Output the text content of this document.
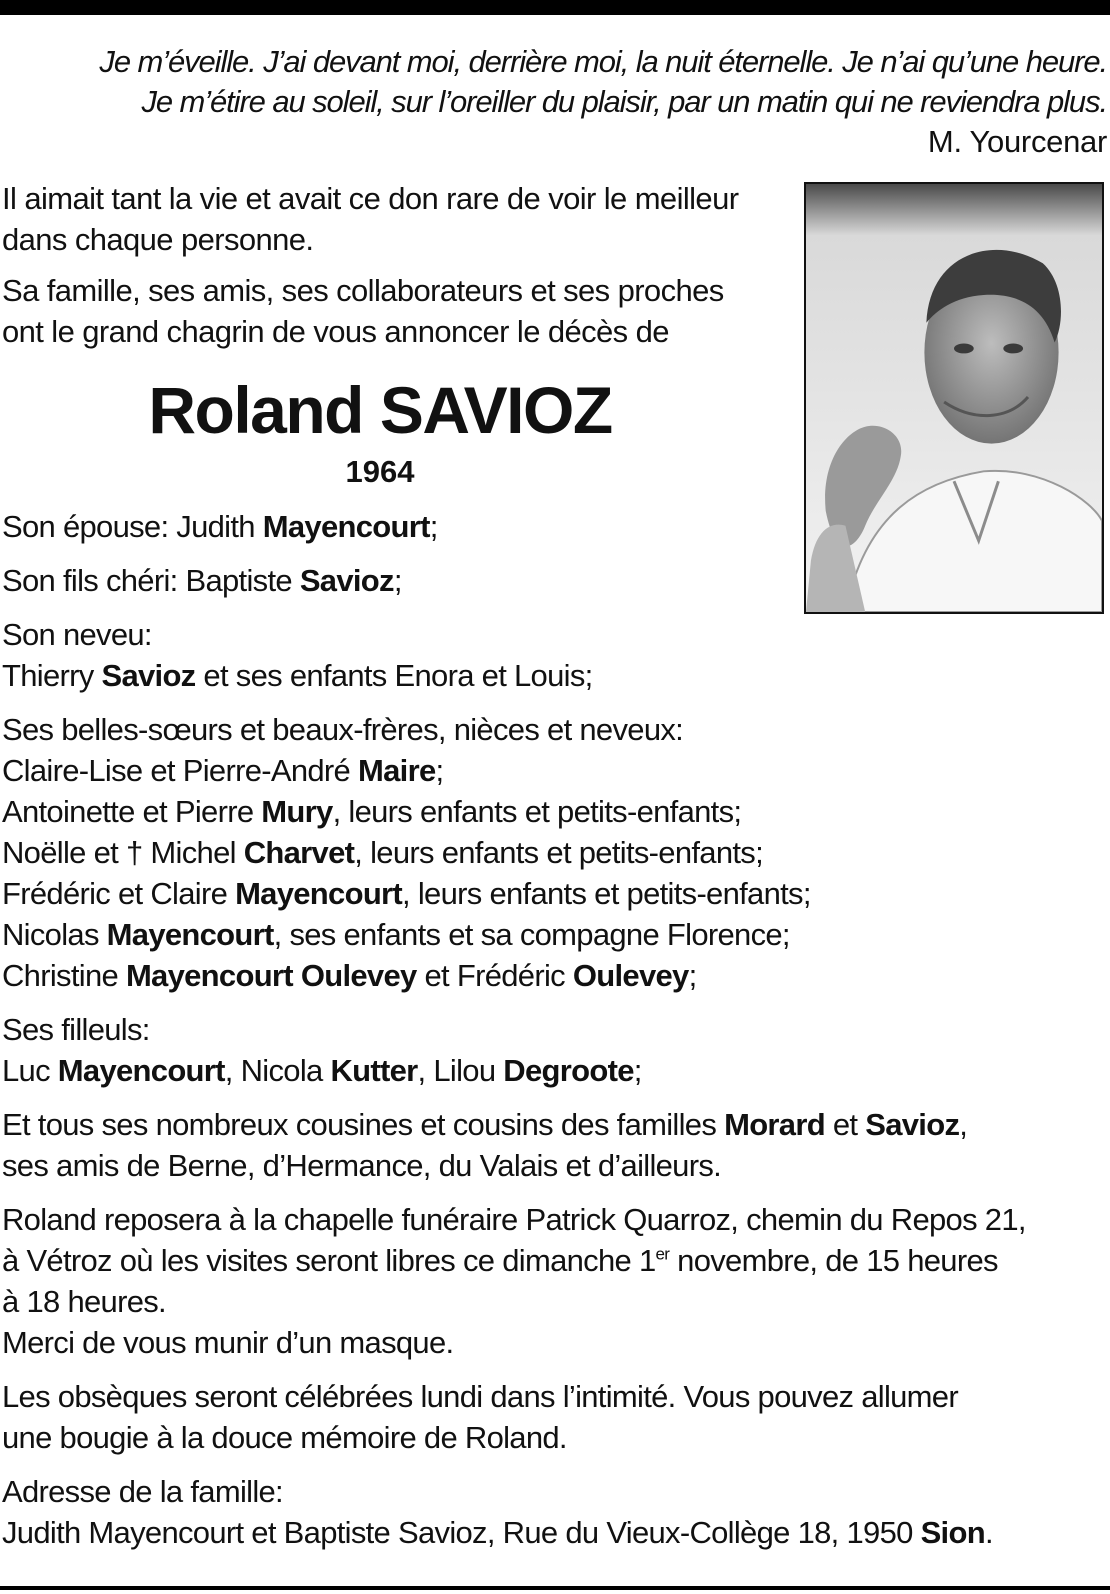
Je m’éveille. J’ai devant moi, derrière moi, la nuit éternelle. Je n’ai qu’une heure.
Je m’étire au soleil, sur l’oreiller du plaisir, par un matin qui ne reviendra plus.
M. Yourcenar

Il aimait tant la vie et avait ce don rare de voir le meilleur dans chaque personne.

Sa famille, ses amis, ses collaborateurs et ses proches ont le grand chagrin de vous annoncer le décès de

Roland SAVIOZ
1964

Son épouse: Judith Mayencourt;

Son fils chéri: Baptiste Savioz;

Son neveu:
Thierry Savioz et ses enfants Enora et Louis;

Ses belles-sœurs et beaux-frères, nièces et neveux:
Claire-Lise et Pierre-André Maire;
Antoinette et Pierre Mury, leurs enfants et petits-enfants;
Noëlle et † Michel Charvet, leurs enfants et petits-enfants;
Frédéric et Claire Mayencourt, leurs enfants et petits-enfants;
Nicolas Mayencourt, ses enfants et sa compagne Florence;
Christine Mayencourt Oulevey et Frédéric Oulevey;

Ses filleuls:
Luc Mayencourt, Nicola Kutter, Lilou Degroote;

Et tous ses nombreux cousines et cousins des familles Morard et Savioz,
ses amis de Berne, d’Hermance, du Valais et d’ailleurs.

Roland reposera à la chapelle funéraire Patrick Quarroz, chemin du Repos 21,
à Vétroz où les visites seront libres ce dimanche 1er novembre, de 15 heures
à 18 heures.
Merci de vous munir d’un masque.

Les obsèques seront célébrées lundi dans l’intimité. Vous pouvez allumer
une bougie à la douce mémoire de Roland.

Adresse de la famille:
Judith Mayencourt et Baptiste Savioz, Rue du Vieux-Collège 18, 1950 Sion.
